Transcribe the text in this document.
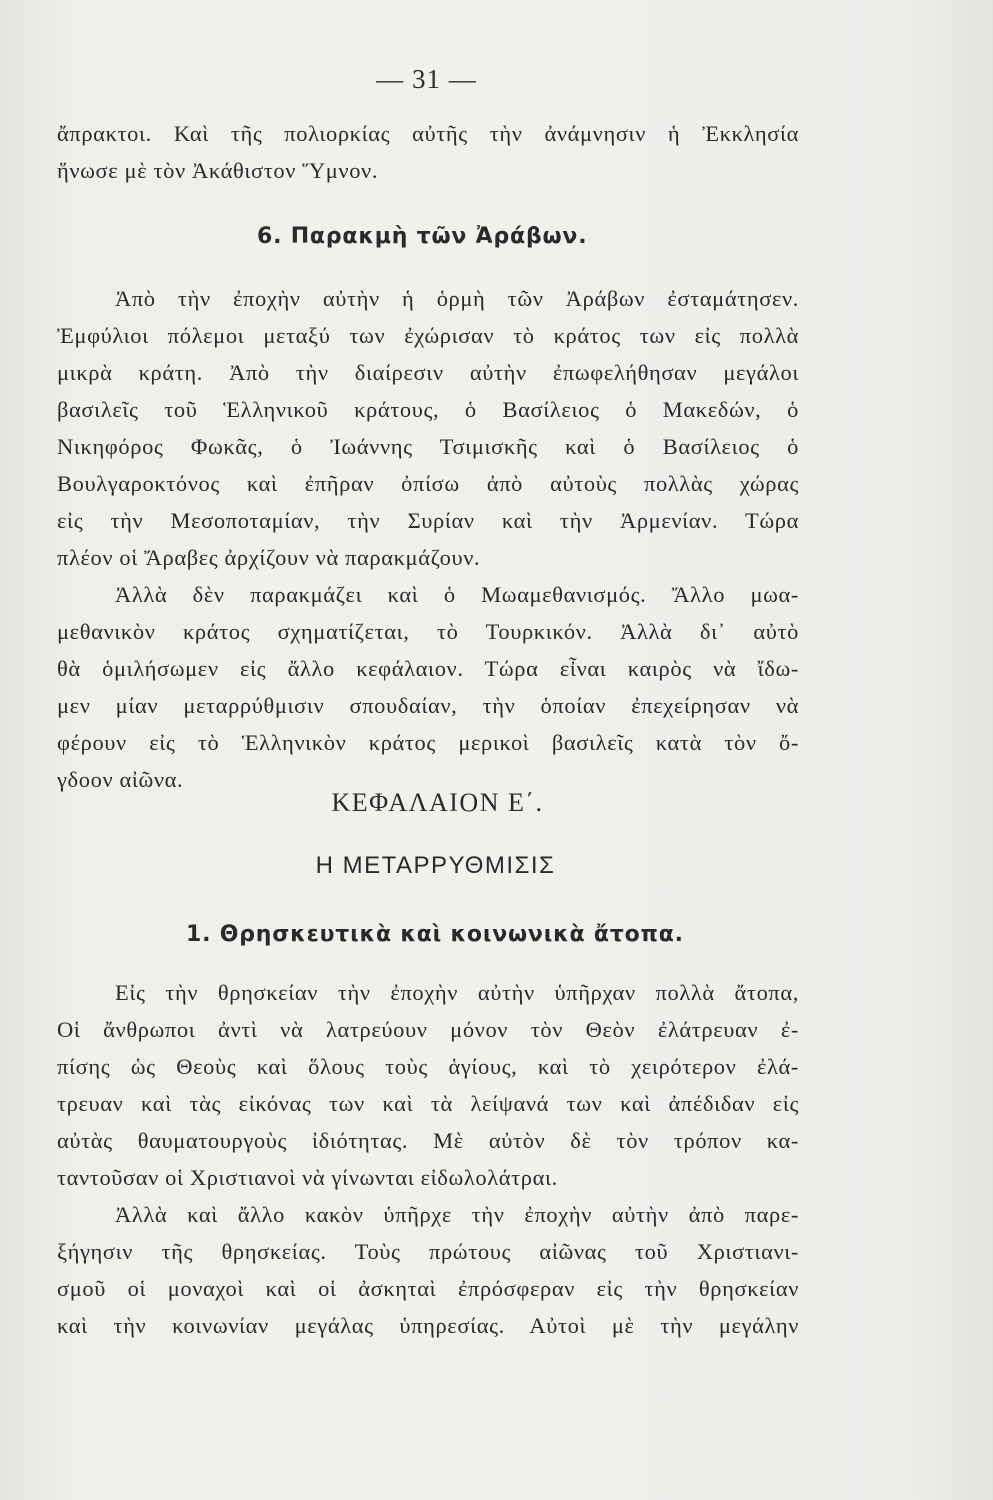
— 31 —
ἄπρακτοι. Καὶ τῆς πολιορκίας αὐτῆς τὴν ἀνάμνησιν ἡ Ἐκκλησία
ἥνωσε μὲ τὸν Ἀκάθιστον Ὕμνον.
6. Παρακμὴ τῶν Ἀράβων.
Ἀπὸ τὴν ἐποχὴν αὐτὴν ἡ ὁρμὴ τῶν Ἀράβων ἐσταμάτησεν.
Ἐμφύλιοι πόλεμοι μεταξύ των ἐχώρισαν τὸ κράτος των εἰς πολλὰ
μικρὰ κράτη. Ἀπὸ τὴν διαίρεσιν αὐτὴν ἐπωφελήθησαν μεγάλοι
βασιλεῖς τοῦ Ἑλληνικοῦ κράτους, ὁ Βασίλειος ὁ Μακεδών, ὁ
Νικηφόρος Φωκᾶς, ὁ Ἰωάννης Τσιμισκῆς καὶ ὁ Βασίλειος ὁ
Βουλγαροκτόνος καὶ ἐπῆραν ὀπίσω ἀπὸ αὐτοὺς πολλὰς χώρας
εἰς τὴν Μεσοποταμίαν, τὴν Συρίαν καὶ τὴν Ἀρμενίαν. Τώρα
πλέον οἱ Ἄραβες ἀρχίζουν νὰ παρακμάζουν.
Ἀλλὰ δὲν παρακμάζει καὶ ὁ Μωαμεθανισμός. Ἄλλο μωα-
μεθανικὸν κράτος σχηματίζεται, τὸ Τουρκικόν. Ἀλλὰ δι᾽ αὐτὸ
θὰ ὁμιλήσωμεν εἰς ἄλλο κεφάλαιον. Τώρα εἶναι καιρὸς νὰ ἴδω-
μεν μίαν μεταρρύθμισιν σπουδαίαν, τὴν ὁποίαν ἐπεχείρησαν νὰ
φέρουν εἰς τὸ Ἑλληνικὸν κράτος μερικοὶ βασιλεῖς κατὰ τὸν ὄ-
γδοον αἰῶνα.
ΚΕΦΑΛΑΙΟΝ Ε΄.
Η ΜΕΤΑΡΡΥΘΜΙΣΙΣ
1. Θρησκευτικὰ καὶ κοινωνικὰ ἄτοπα.
Εἰς τὴν θρησκείαν τὴν ἐποχὴν αὐτὴν ὑπῆρχαν πολλὰ ἄτοπα,
Οἱ ἄνθρωποι ἀντὶ νὰ λατρεύουν μόνον τὸν Θεὸν ἐλάτρευαν ἐ-
πίσης ὡς Θεοὺς καὶ ὅλους τοὺς ἁγίους, καὶ τὸ χειρότερον ἐλά-
τρευαν καὶ τὰς εἰκόνας των καὶ τὰ λείψανά των καὶ ἀπέδιδαν εἰς
αὐτὰς θαυματουργοὺς ἰδιότητας. Μὲ αὐτὸν δὲ τὸν τρόπον κα-
ταντοῦσαν οἱ Χριστιανοὶ νὰ γίνωνται εἰδωλολάτραι.
Ἀλλὰ καὶ ἄλλο κακὸν ὑπῆρχε τὴν ἐποχὴν αὐτὴν ἀπὸ παρε-
ξήγησιν τῆς θρησκείας. Τοὺς πρώτους αἰῶνας τοῦ Χριστιανι-
σμοῦ οἱ μοναχοὶ καὶ οἱ ἀσκηταὶ ἐπρόσφεραν εἰς τὴν θρησκείαν
καὶ τὴν κοινωνίαν μεγάλας ὑπηρεσίας. Αὐτοὶ μὲ τὴν μεγάλην
